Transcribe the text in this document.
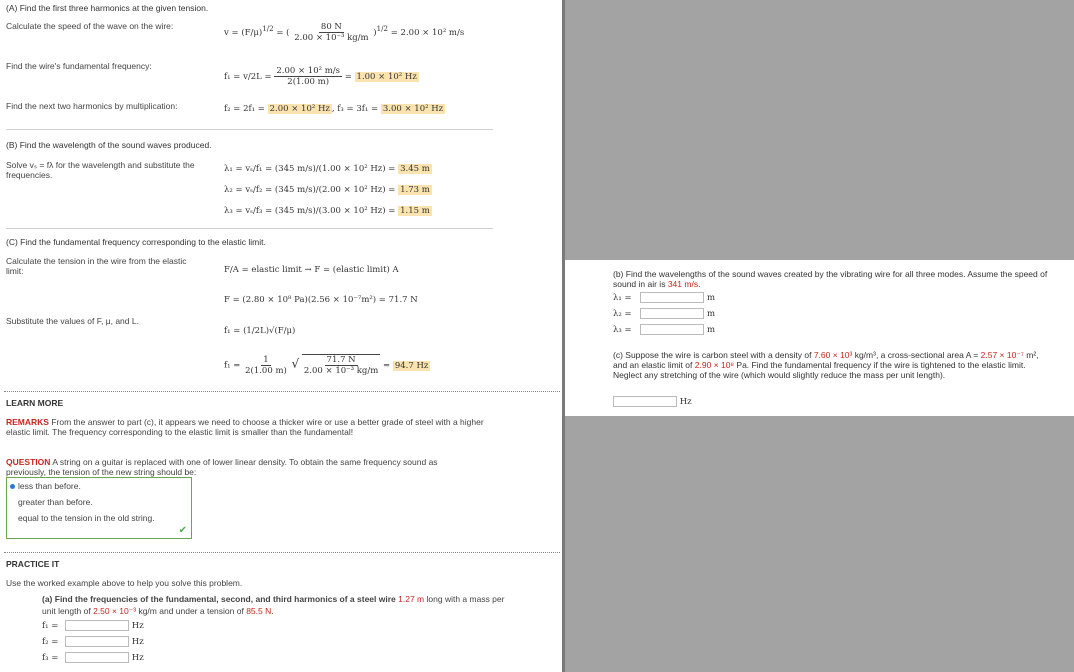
(A) Find the first three harmonics at the given tension.
Calculate the speed of the wave on the wire:
$v = (F/\mu)^{1/2}$ = ( $\frac{80 N}{\text{2.00 × 10⁻³ kg/m}} )^{1/2} = 2.00 \times 10^2$ m/s
Find the wire's fundamental frequency:
$f_1 = v/2L = \frac{\text{2.00 × 10² m/s}}{2(1.00 m)} = 1.00 \times 10^2$ Hz
Find the next two harmonics by multiplication:	f₂ = 2f₁ = 2.00 × 10² Hz , f₃ = 3f₁ = 3.00 × 10² Hz
(B) Find the wavelength of the sound waves produced.
Solve vₛ = fλ for the wavelength and substitute the frequencies.
λ₁ = vₛ/f₁ = (345 m/s)/(1.00 × 10² Hz) = 3.45 m
λ₂ = vₛ/f₂ = (345 m/s)/(2.00 × 10² Hz) = 1.73 m
λ₃ = vₛ/f₃ = (345 m/s)/(3.00 × 10² Hz) = 1.15 m
(C) Find the fundamental frequency corresponding to the elastic limit.
Calculate the tension in the wire from the elastic limit:	F/A = elastic limit → F = (elastic limit) A
F = (2.80 × 10⁸ Pa)(2.56 × 10⁻⁷m²) = 71.7 N
Substitute the values of F, μ, and L.
f₁ = (1/2L)√(F/μ)
$f_1 = \frac{1}{2(1.00 m)}$ √ $\frac{71.7 N}{\text{2.00 × 10⁻³ kg/m}} = 94.7$ Hz
LEARN MORE
REMARKS From the answer to part (c), it appears we need to choose a thicker wire or use a better grade of steel with a higher elastic limit. The frequency corresponding to the elastic limit is smaller than the fundamental!
QUESTION A string on a guitar is replaced with one of lower linear density. To obtain the same frequency sound as previously, the tension of the new string should be:
less than before.
greater than before.
equal to the tension in the old string.
✔
PRACTICE IT
Use the worked example above to help you solve this problem.
(a) Find the frequencies of the fundamental, second, and third harmonics of a steel wire 1.27 m long with a mass per unit length of 2.50 × 10⁻³ kg/m and under a tension of 85.5 N.
f₁ =	Hz
f₂ =	Hz
f₃ =	Hz
(b) Find the wavelengths of the sound waves created by the vibrating wire for all three modes. Assume the speed of sound in air is 341 m/s.
λ₁ =	m
λ₂ =	m
λ₃ =	m
(c) Suppose the wire is carbon steel with a density of 7.60 × 10³ kg/m³, a cross-sectional area A = 2.57 × 10⁻⁷ m², and an elastic limit of 2.90 × 10⁸ Pa. Find the fundamental frequency if the wire is tightened to the elastic limit. Neglect any stretching of the wire (which would slightly reduce the mass per unit length).
Hz
